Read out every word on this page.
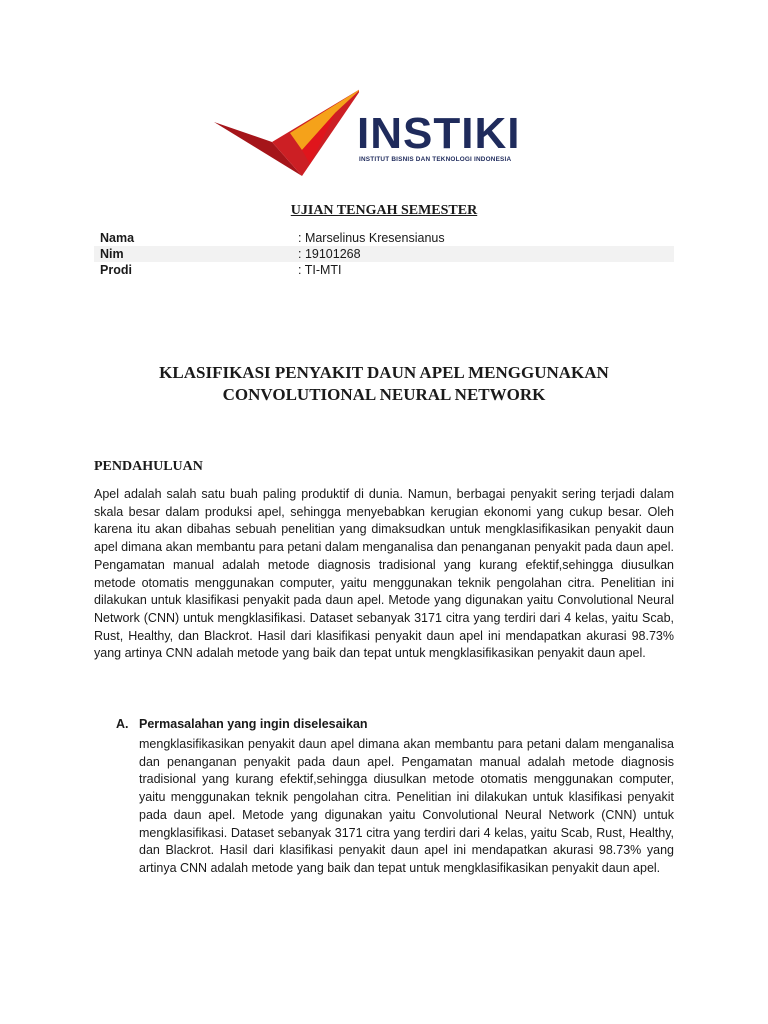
INSTIKI
INSTITUT BISNIS DAN TEKNOLOGI INDONESIA
UJIAN TENGAH SEMESTER
Nama	: Marselinus Kresensianus
Nim	: 19101268
Prodi	: TI-MTI
KLASIFIKASI PENYAKIT DAUN APEL MENGGUNAKAN
CONVOLUTIONAL NEURAL NETWORK
PENDAHULUAN
Apel adalah salah satu buah paling produktif di dunia. Namun, berbagai penyakit sering terjadi dalam skala besar dalam produksi apel, sehingga menyebabkan kerugian ekonomi yang cukup besar. Oleh karena itu akan dibahas sebuah penelitian yang dimaksudkan untuk mengklasifikasikan penyakit daun apel dimana akan membantu para petani dalam menganalisa dan penanganan penyakit pada daun apel. Pengamatan manual adalah metode diagnosis tradisional yang kurang efektif,sehingga diusulkan metode otomatis menggunakan computer, yaitu menggunakan teknik pengolahan citra. Penelitian ini dilakukan untuk klasifikasi penyakit pada daun apel. Metode yang digunakan yaitu Convolutional Neural Network (CNN) untuk mengklasifikasi. Dataset sebanyak 3171 citra yang terdiri dari 4 kelas, yaitu Scab, Rust, Healthy, dan Blackrot. Hasil dari klasifikasi penyakit daun apel ini mendapatkan akurasi 98.73% yang artinya CNN adalah metode yang baik dan tepat untuk mengklasifikasikan penyakit daun apel.
A. Permasalahan yang ingin diselesaikan
mengklasifikasikan penyakit daun apel dimana akan membantu para petani dalam menganalisa dan penanganan penyakit pada daun apel. Pengamatan manual adalah metode diagnosis tradisional yang kurang efektif,sehingga diusulkan metode otomatis menggunakan computer, yaitu menggunakan teknik pengolahan citra. Penelitian ini dilakukan untuk klasifikasi penyakit pada daun apel. Metode yang digunakan yaitu Convolutional Neural Network (CNN) untuk mengklasifikasi. Dataset sebanyak 3171 citra yang terdiri dari 4 kelas, yaitu Scab, Rust, Healthy, dan Blackrot. Hasil dari klasifikasi penyakit daun apel ini mendapatkan akurasi 98.73% yang artinya CNN adalah metode yang baik dan tepat untuk mengklasifikasikan penyakit daun apel.
